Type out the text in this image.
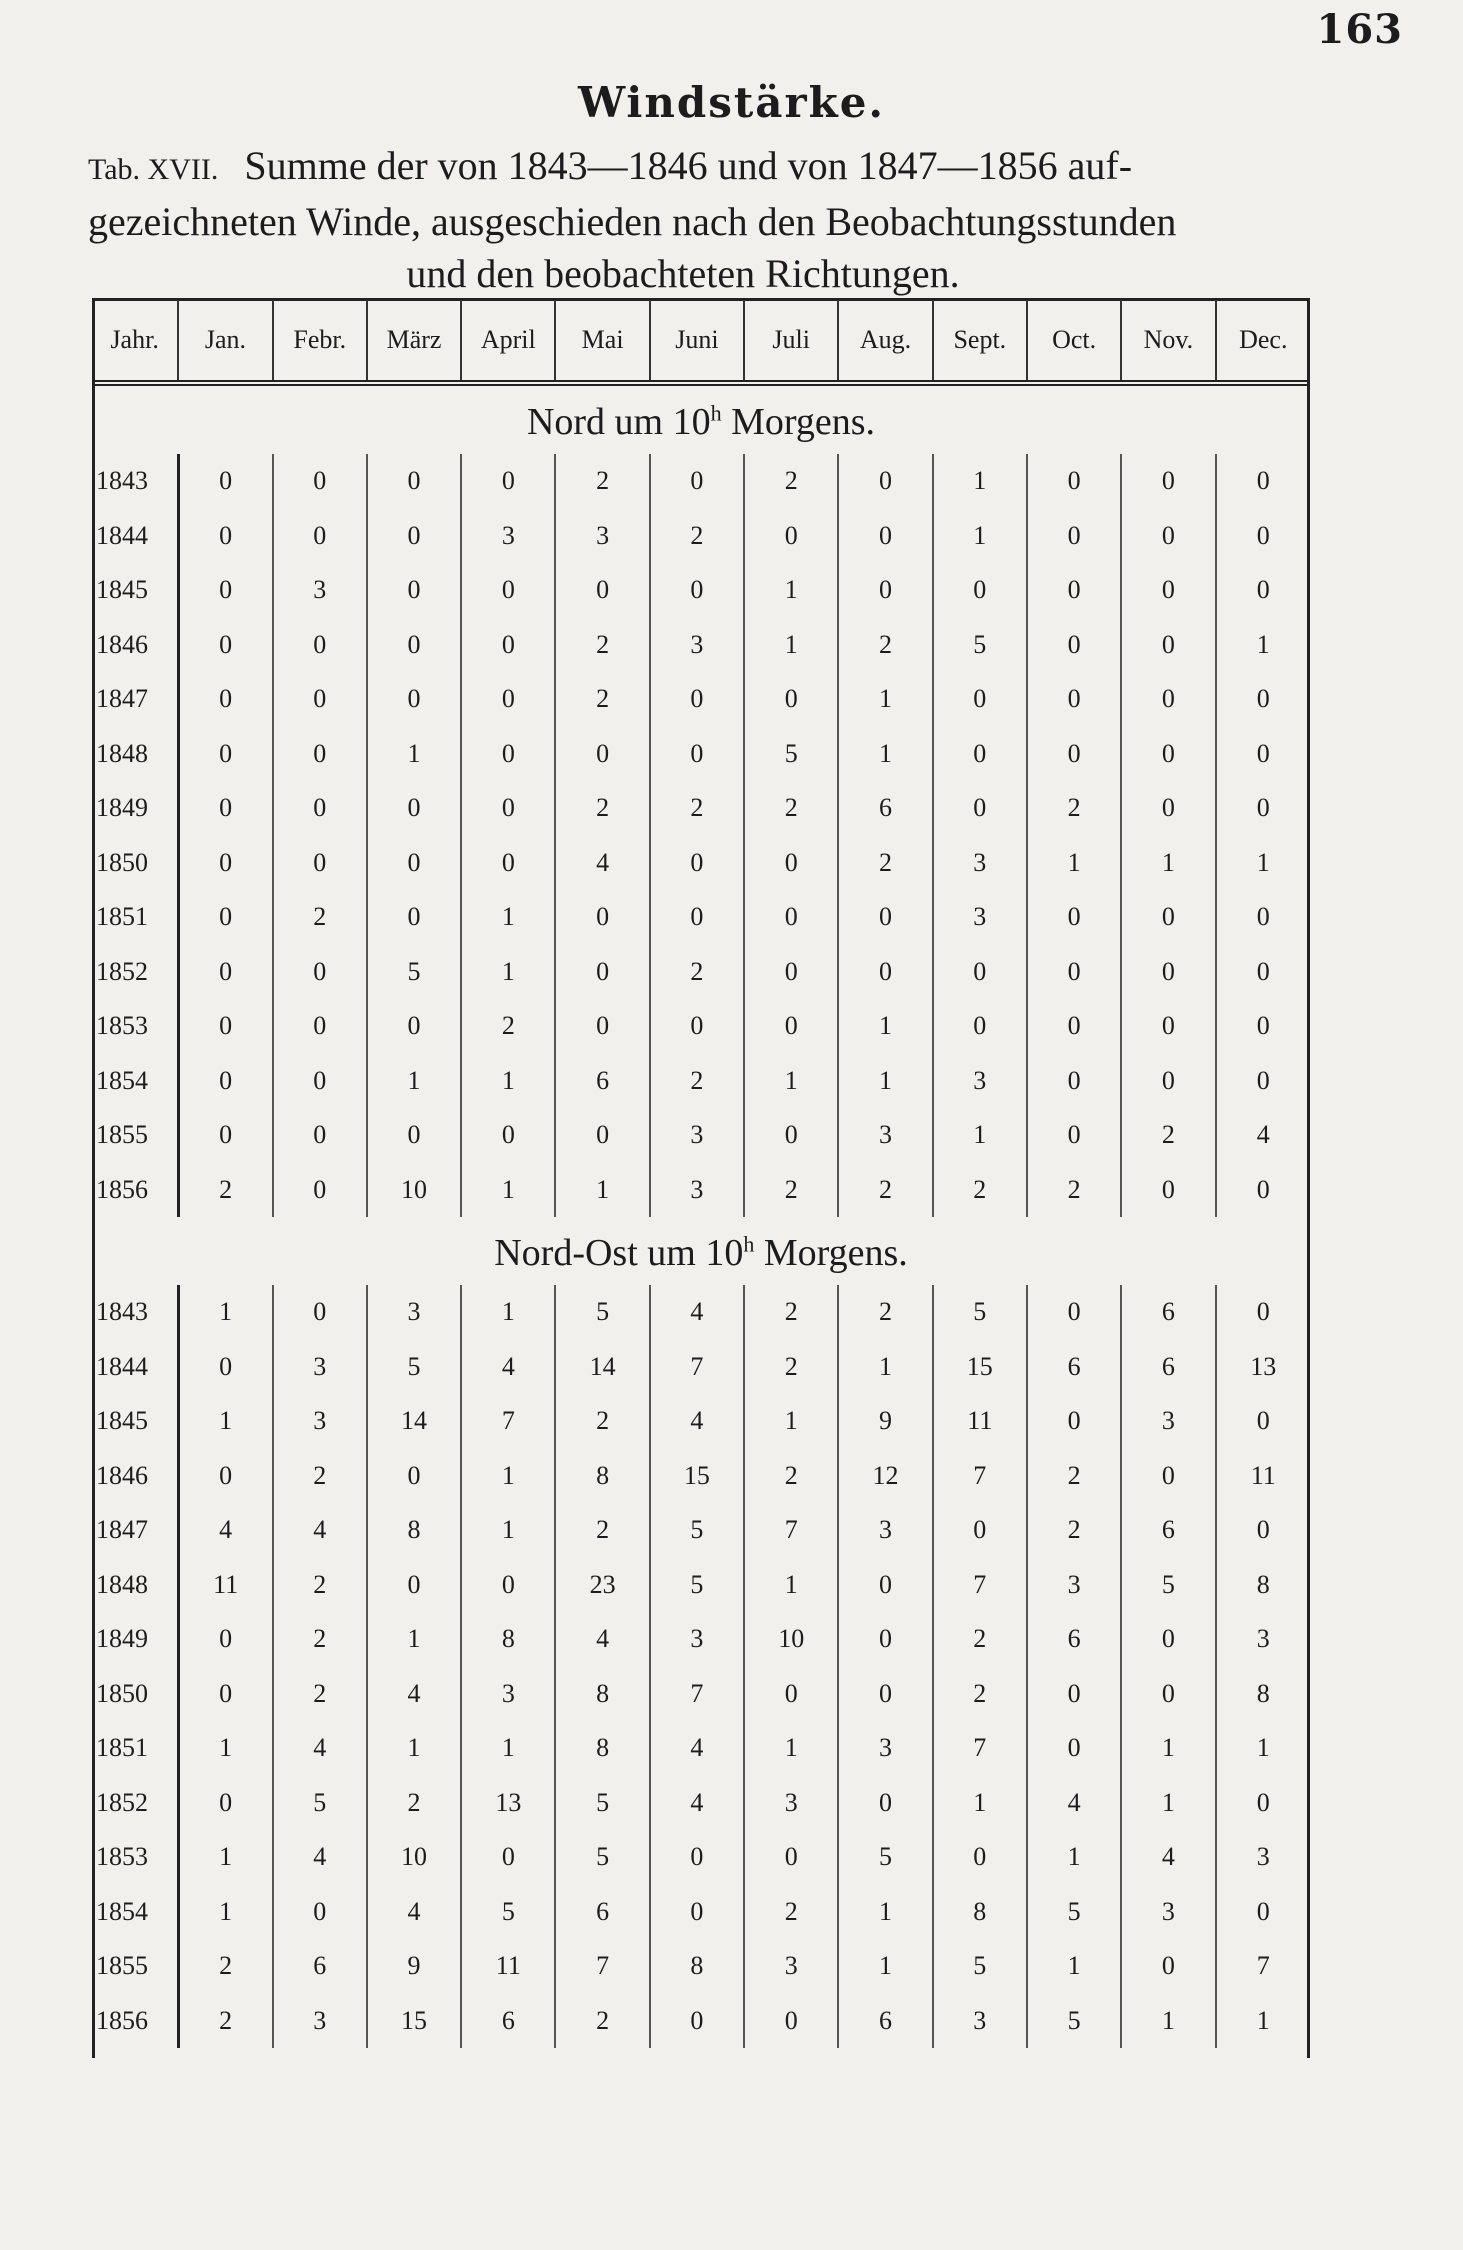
163
Windstärke.
Tab. XVII. Summe der von 1843—1846 und von 1847—1856 auf-
gezeichneten Winde, ausgeschieden nach den Beobachtungsstunden
und den beobachteten Richtungen.
Jahr.	Jan.	Febr.	März	April	Mai	Juni	Juli	Aug.	Sept.	Oct.	Nov.	Dec.
Nord um 10$^h$ Morgens.												
1843	0	0	0	0	2	0	2	0	1	0	0	0
1844	0	0	0	3	3	2	0	0	1	0	0	0
1845	0	3	0	0	0	0	1	0	0	0	0	0
1846	0	0	0	0	2	3	1	2	5	0	0	1
1847	0	0	0	0	2	0	0	1	0	0	0	0
1848	0	0	1	0	0	0	5	1	0	0	0	0
1849	0	0	0	0	2	2	2	6	0	2	0	0
1850	0	0	0	0	4	0	0	2	3	1	1	1
1851	0	2	0	1	0	0	0	0	3	0	0	0
1852	0	0	5	1	0	2	0	0	0	0	0	0
1853	0	0	0	2	0	0	0	1	0	0	0	0
1854	0	0	1	1	6	2	1	1	3	0	0	0
1855	0	0	0	0	0	3	0	3	1	0	2	4
1856	2	0	10	1	1	3	2	2	2	2	0	0
Nord-Ost um 10$^h$ Morgens.												
1843	1	0	3	1	5	4	2	2	5	0	6	0
1844	0	3	5	4	14	7	2	1	15	6	6	13
1845	1	3	14	7	2	4	1	9	11	0	3	0
1846	0	2	0	1	8	15	2	12	7	2	0	11
1847	4	4	8	1	2	5	7	3	0	2	6	0
1848	11	2	0	0	23	5	1	0	7	3	5	8
1849	0	2	1	8	4	3	10	0	2	6	0	3
1850	0	2	4	3	8	7	0	0	2	0	0	8
1851	1	4	1	1	8	4	1	3	7	0	1	1
1852	0	5	2	13	5	4	3	0	1	4	1	0
1853	1	4	10	0	5	0	0	5	0	1	4	3
1854	1	0	4	5	6	0	2	1	8	5	3	0
1855	2	6	9	11	7	8	3	1	5	1	0	7
1856	2	3	15	6	2	0	0	6	3	5	1	1
